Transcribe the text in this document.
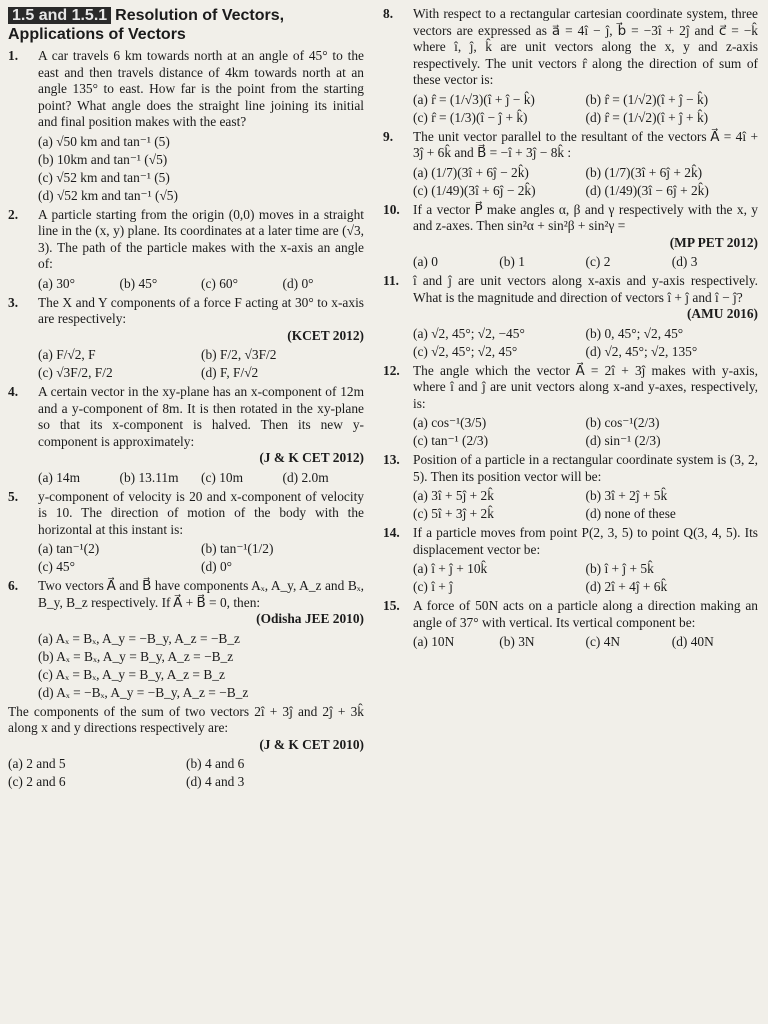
1.5 and 1.5.1 Resolution of Vectors, Applications of Vectors
1.	A car travels 6 km towards north at an angle of 45° to the east and then travels distance of 4km towards north at an angle 135° to east. How far is the point from the starting point? What angle does the straight line joining its initial and final position makes with the east?
(a) √50 km and tan⁻¹ (5)
(b) 10km and tan⁻¹ (√5)
(c) √52 km and tan⁻¹ (5)
(d) √52 km and tan⁻¹ (√5)
2.	A particle starting from the origin (0,0) moves in a straight line in the (x, y) plane. Its coordinates at a later time are (√3, 3). The path of the particle makes with the x-axis an angle of:
(a) 30°	(b) 45°	(c) 60°	(d) 0°
3.	The X and Y components of a force F acting at 30° to x-axis are respectively:
(KCET 2012)
(a) F/√2, F	(b) F/2, √3F/2
(c) √3F/2, F/2	(d) F, F/√2
4.	A certain vector in the xy-plane has an x-component of 12m and a y-component of 8m. It is then rotated in the xy-plane so that its x-component is halved. Then its new y-component is approximately:
(J & K CET 2012)
(a) 14m	(b) 13.11m	(c) 10m	(d) 2.0m
5.	y-component of velocity is 20 and x-component of velocity is 10. The direction of motion of the body with the horizontal at this instant is:
(a) tan⁻¹(2)	(b) tan⁻¹(1/2)
(c) 45°	(d) 0°
6.	Two vectors A⃗ and B⃗ have components Aₓ, A_y, A_z and Bₓ, B_y, B_z respectively. If A⃗ + B⃗ = 0, then:
(Odisha JEE 2010)
(a) Aₓ = Bₓ, A_y = −B_y, A_z = −B_z
(b) Aₓ = Bₓ, A_y = B_y, A_z = −B_z
(c) Aₓ = Bₓ, A_y = B_y, A_z = B_z
(d) Aₓ = −Bₓ, A_y = −B_y, A_z = −B_z
The components of the sum of two vectors 2î + 3ĵ and 2ĵ + 3k̂ along x and y directions respectively are:
(J & K CET 2010)
(a) 2 and 5	(b) 4 and 6
(c) 2 and 6	(d) 4 and 3
8.	With respect to a rectangular cartesian coordinate system, three vectors are expressed as a⃗ = 4î − ĵ, b⃗ = −3î + 2ĵ and c⃗ = −k̂ where î, ĵ, k̂ are unit vectors along the x, y and z-axis respectively. The unit vectors r̂ along the direction of sum of these vector is:
(a) r̂ = (1/√3)(î + ĵ − k̂)	(b) r̂ = (1/√2)(î + ĵ − k̂)
(c) r̂ = (1/3)(î − ĵ + k̂)	(d) r̂ = (1/√2)(î + ĵ + k̂)
9.	The unit vector parallel to the resultant of the vectors A⃗ = 4î + 3ĵ + 6k̂ and B⃗ = −î + 3ĵ − 8k̂ :
(a) (1/7)(3î + 6ĵ − 2k̂)	(b) (1/7)(3î + 6ĵ + 2k̂)
(c) (1/49)(3î + 6ĵ − 2k̂)	(d) (1/49)(3î − 6ĵ + 2k̂)
10. If a vector P⃗ make angles α, β and γ respectively with the x, y and z-axes. Then sin²α + sin²β + sin²γ =
(MP PET 2012)
(a) 0	(b) 1	(c) 2	(d) 3
11.	î and ĵ are unit vectors along x-axis and y-axis respectively. What is the magnitude and direction of vectors î + ĵ and î − ĵ?
(AMU 2016)
(a) √2, 45°; √2, −45°	(b) 0, 45°; √2, 45°
(c) √2, 45°; √2, 45°	(d) √2, 45°; √2, 135°
12. The angle which the vector A⃗ = 2î + 3ĵ makes with y-axis, where î and ĵ are unit vectors along x-and y-axes, respectively, is:
(a) cos⁻¹(3/5)	(b) cos⁻¹(2/3)
(c) tan⁻¹ (2/3)	(d) sin⁻¹ (2/3)
13. Position of a particle in a rectangular coordinate system is (3, 2, 5). Then its position vector will be:
(a) 3î + 5ĵ + 2k̂	(b) 3î + 2ĵ + 5k̂
(c) 5î + 3ĵ + 2k̂	(d) none of these
14. If a particle moves from point P(2, 3, 5) to point Q(3, 4, 5). Its displacement vector be:
(a) î + ĵ + 10k̂	(b) î + ĵ + 5k̂
(c) î + ĵ	(d) 2î + 4ĵ + 6k̂
15. A force of 50N acts on a particle along a direction making an angle of 37° with vertical. Its vertical component be:
(a) 10N	(b) 3N	(c) 4N	(d) 40N
